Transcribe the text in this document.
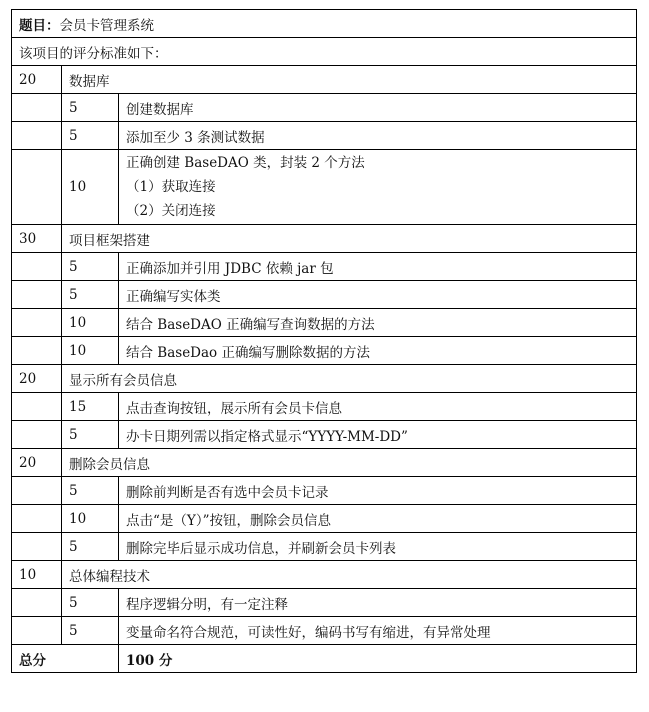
题目：会员卡管理系统		
该项目的评分标准如下：		
20	数据库	
	5	创建数据库

	5	添加至少 3 条测试数据

	10	正确创建 BaseDAO 类，封装 2 个方法
（1）获取连接
（2）关闭连接

30	项目框架搭建	
	5	正确添加并引用 JDBC 依赖 jar 包

	5	正确编写实体类

	10	结合 BaseDAO 正确编写查询数据的方法

	10	结合 BaseDao 正确编写删除数据的方法

20	显示所有会员信息	
	15	点击查询按钮，展示所有会员卡信息

	5	办卡日期列需以指定格式显示“YYYY-MM-DD”

20	删除会员信息	
	5	删除前判断是否有选中会员卡记录

	10	点击“是（Y）”按钮，删除会员信息

	5	删除完毕后显示成功信息，并刷新会员卡列表

10	总体编程技术	
	5	程序逻辑分明，有一定注释

	5	变量命名符合规范，可读性好，编码书写有缩进，有异常处理

总分		100 分
